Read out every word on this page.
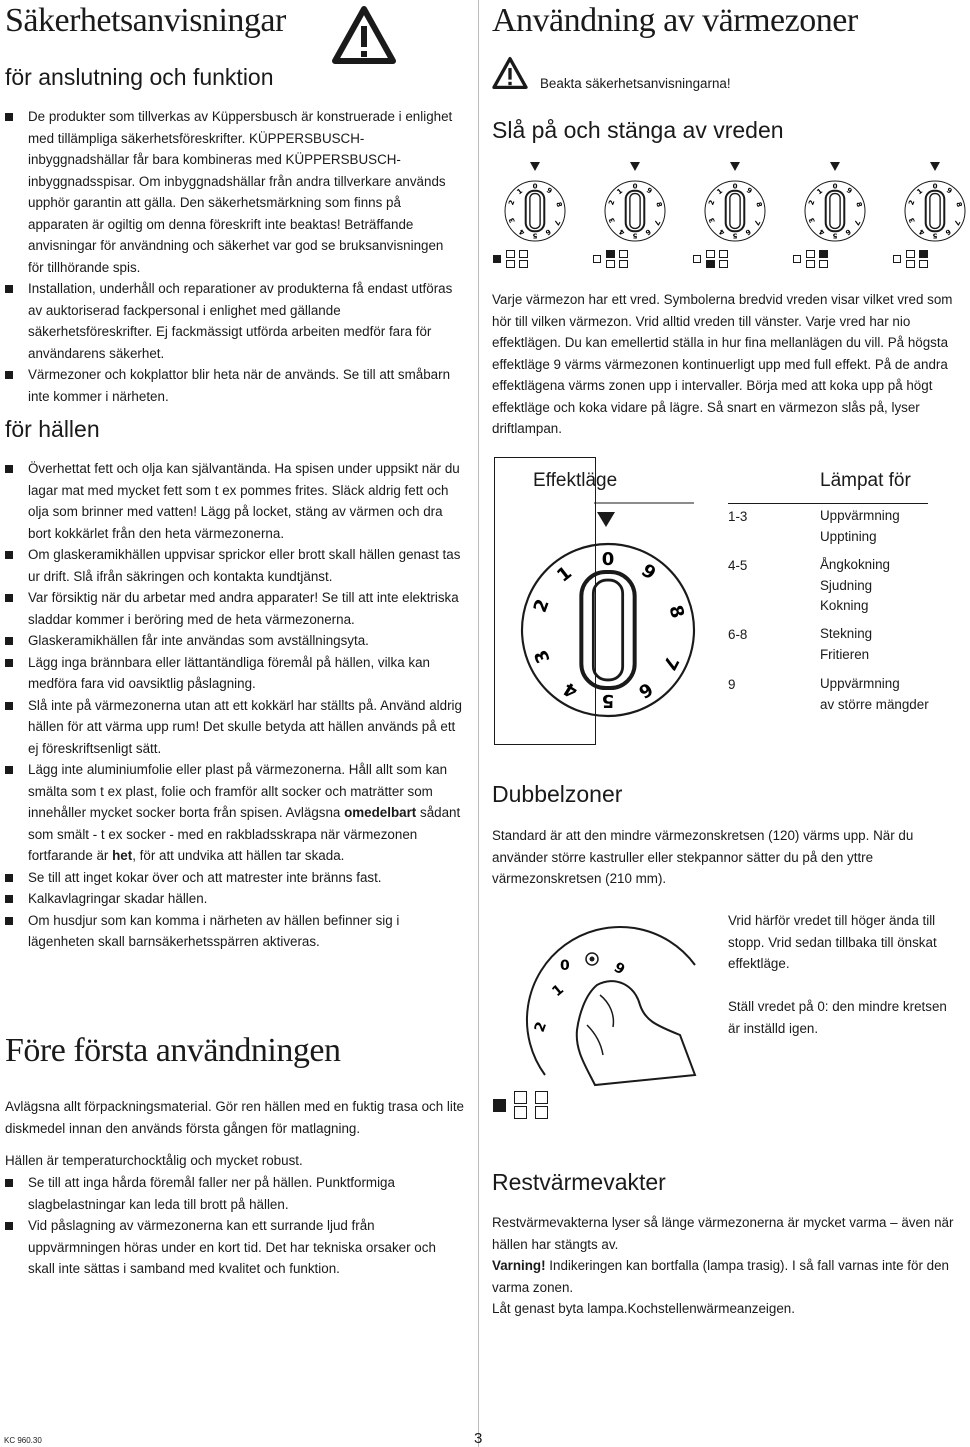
Säkerhetsanvisningar
för anslutning och funktion
De produkter som tillverkas av Küppersbusch är konstruerade i enlighet med tillämpliga säkerhetsföreskrifter. KÜPPERSBUSCH-inbyggnadshällar får bara kombineras med KÜPPERSBUSCH-inbyggnadsspisar. Om inbyggnadshällar från andra tillverkare används upphör garantin att gälla. Den säkerhetsmärkning som finns på apparaten är ogiltig om denna föreskrift inte beaktas! Beträffande anvisningar för användning och säkerhet var god se bruksanvisningen för tillhörande spis.
Installation, underhåll och reparationer av produkterna få endast utföras av auktoriserad fackpersonal i enlighet med gällande säkerhetsföreskrifter. Ej fackmässigt utförda arbeiten medför fara för användarens säkerhet.
Värmezoner och kokplattor blir heta när de används. Se till att småbarn inte kommer i närheten.
för hällen
Överhettat fett och olja kan självantända. Ha spisen under uppsikt när du lagar mat med mycket fett som t ex pommes frites. Släck aldrig fett och olja som brinner med vatten! Lägg på locket, stäng av värmen och dra bort kokkärlet från den heta värmezonerna.
Om glaskeramikhällen uppvisar sprickor eller brott skall hällen genast tas ur drift. Slå ifrån säkringen och kontakta kundtjänst.
Var försiktig när du arbetar med andra apparater! Se till att inte elektriska sladdar kommer i beröring med de heta värmezonerna.
Glaskeramikhällen får inte användas som avställningsyta.
Lägg inga brännbara eller lättantändliga föremål på hällen, vilka kan medföra fara vid oavsiktlig påslagning.
Slå inte på värmezonerna utan att ett kokkärl har ställts på. Använd aldrig hällen för att värma upp rum! Det skulle betyda att hällen används på ett ej föreskriftsenligt sätt.
Lägg inte aluminiumfolie eller plast på värmezonerna. Håll allt som kan smälta som t ex plast, folie och framför allt socker och maträtter som innehåller mycket socker borta från spisen. Avlägsna omedelbart sådant som smält - t ex socker - med en rakbladsskrapa när värmezonen fortfarande är het, för att undvika att hällen tar skada.
Se till att inget kokar över och att matrester inte bränns fast.
Kalkavlagringar skadar hällen.
Om husdjur som kan komma i närheten av hällen befinner sig i lägenheten skall barnsäkerhetsspärren aktiveras.
Före första användningen

Avlägsna allt förpackningsmaterial. Gör ren hällen med en fuktig trasa och lite diskmedel innan den används första gången för matlagning.

Hällen är temperaturchocktålig och mycket robust.

Se till att inga hårda föremål faller ner på hällen. Punktformiga slagbelastningar kan leda till brott på hällen.
Vid påslagning av värmezonerna kan ett surrande ljud från uppvärmningen höras under en kort tid. Det har tekniska orsaker och skall inte sättas i samband med kvalitet och funktion.
Användning av värmezoner
Beakta säkerhetsanvisningarna!
Slå på och stänga av vreden
0
1
2
3
4 5 6
7
8
9	0
1
2
3
4 5 6
7
8
9	0
1
2
3
4 5 6
7
8
9	0
1
2
3
4 5 6
7
8
9	0
1
2
3
4 5 6
7
8
9
Varje värmezon har ett vred. Symbolerna bredvid vreden visar vilket vred som hör till vilken värmezon. Vrid alltid vreden till vänster. Varje vred har nio effektlägen. Du kan emellertid ställa in hur fina mellanlägen du vill. På högsta effektläge 9 värms värmezonen kontinuerligt upp med full effekt. På de andra effektlägena värms zonen upp i intervaller. Börja med att koka upp på högt effektläge och koka vidare på lägre. Så snart en värmezon slås på, lyser driftlampan.
Effektläge	Lämpat för
0
1
2
3
4 5 6
7
8
9
1-3	Uppvärmning
Upptining
4-5	Ångkokning
Sjudning
Kokning
6-8	Stekning
Fritieren
9	Uppvärmning
av större mängder
Dubbelzoner
Standard är att den mindre värmezonskretsen (120) värms upp. När du använder större kastruller eller stekpannor sätter du på den yttre värmezonskretsen (210 mm).
1
2
0	9
Vrid härför vredet till höger ända till stopp. Vrid sedan tillbaka till önskat effektläge.
Ställ vredet på 0: den mindre kretsen är inställd igen.
Restvärmevakter

Restvärmevakterna lyser så länge värmezonerna är mycket varma – även när hällen har stängts av.

Varning! Indikeringen kan bortfalla (lampa trasig). I så fall varnas inte för den varma zonen.

Låt genast byta lampa.Kochstellenwärmeanzeigen.

KC 960.30	3
